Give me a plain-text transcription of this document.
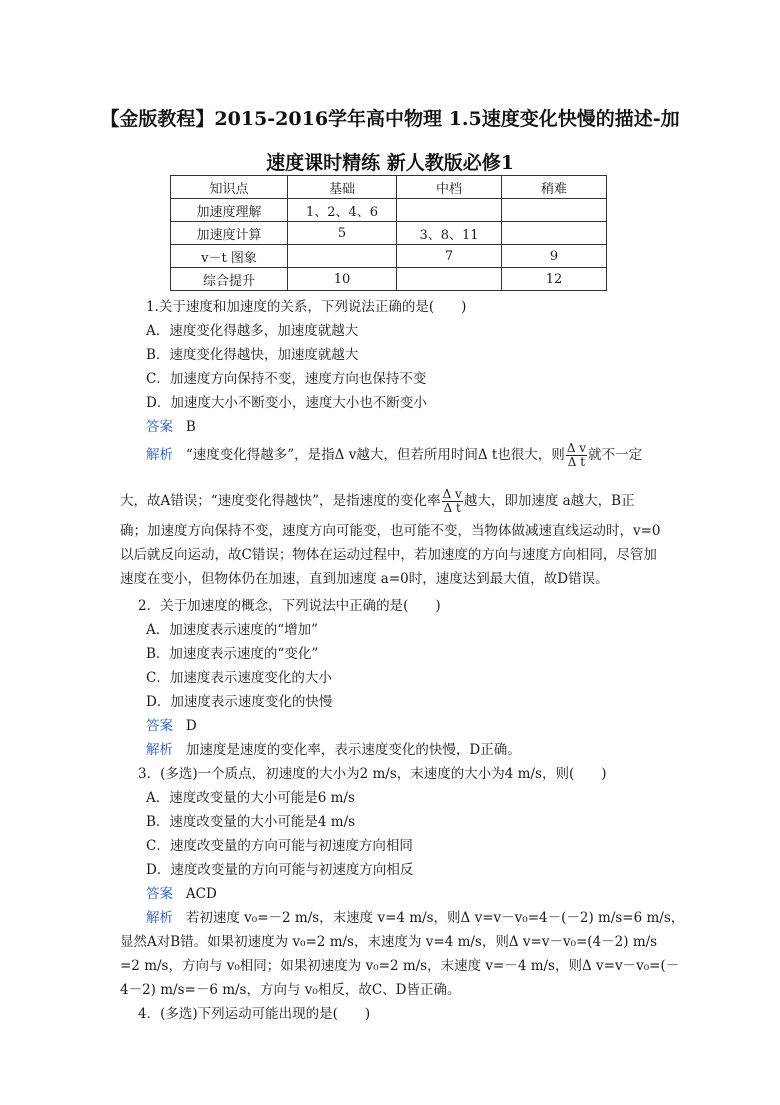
【金版教程】2015-2016学年高中物理 1.5速度变化快慢的描述-加
速度课时精练 新人教版必修1
知识点	基础	中档	稍难
加速度理解	1、2、4、6		
加速度计算	5	3、8、11	
v－t 图象		7	9
综合提升	10		12
1.关于速度和加速度的关系，下列说法正确的是(　　)
A．速度变化得越多，加速度就越大
B．速度变化得越快，加速度就越大
C．加速度方向保持不变，速度方向也保持不变
D．加速度大小不断变小，速度大小也不断变小
答案 B
解析 “速度变化得越多”，是指Δ v越大，但若所用时间Δ t也很大，则 $\frac{\text{Δ v}}{\text{Δ t}}$ 就不一定
大，故A错误；“速度变化得越快”，是指速度的变化率 $\frac{\text{Δ v}}{\text{Δ t}}$ 越大，即加速度 a越大，B正
确；加速度方向保持不变，速度方向可能变，也可能不变，当物体做减速直线运动时，v=0
以后就反向运动，故C错误；物体在运动过程中，若加速度的方向与速度方向相同，尽管加
速度在变小，但物体仍在加速，直到加速度 a=0时，速度达到最大值，故D错误。
2．关于加速度的概念，下列说法中正确的是(　　)
A．加速度表示速度的“增加”
B．加速度表示速度的“变化”
C．加速度表示速度变化的大小
D．加速度表示速度变化的快慢
答案 D
解析 加速度是速度的变化率，表示速度变化的快慢，D正确。
3．(多选)一个质点，初速度的大小为2 m/s，末速度的大小为4 m/s，则(　　)
A．速度改变量的大小可能是6 m/s
B．速度改变量的大小可能是4 m/s
C．速度改变量的方向可能与初速度方向相同
D．速度改变量的方向可能与初速度方向相反
答案 ACD
解析 若初速度 v₀=－2 m/s，末速度 v=4 m/s，则Δ v=v－v₀=4－(－2) m/s=6 m/s，
显然A对B错。如果初速度为 v₀=2 m/s，末速度为 v=4 m/s，则Δ v=v－v₀=(4－2) m/s
=2 m/s，方向与 v₀相同；如果初速度为 v₀=2 m/s，末速度 v=－4 m/s，则Δ v=v－v₀=(－
4－2) m/s=－6 m/s，方向与 v₀相反，故C、D皆正确。
4．(多选)下列运动可能出现的是(　　)
